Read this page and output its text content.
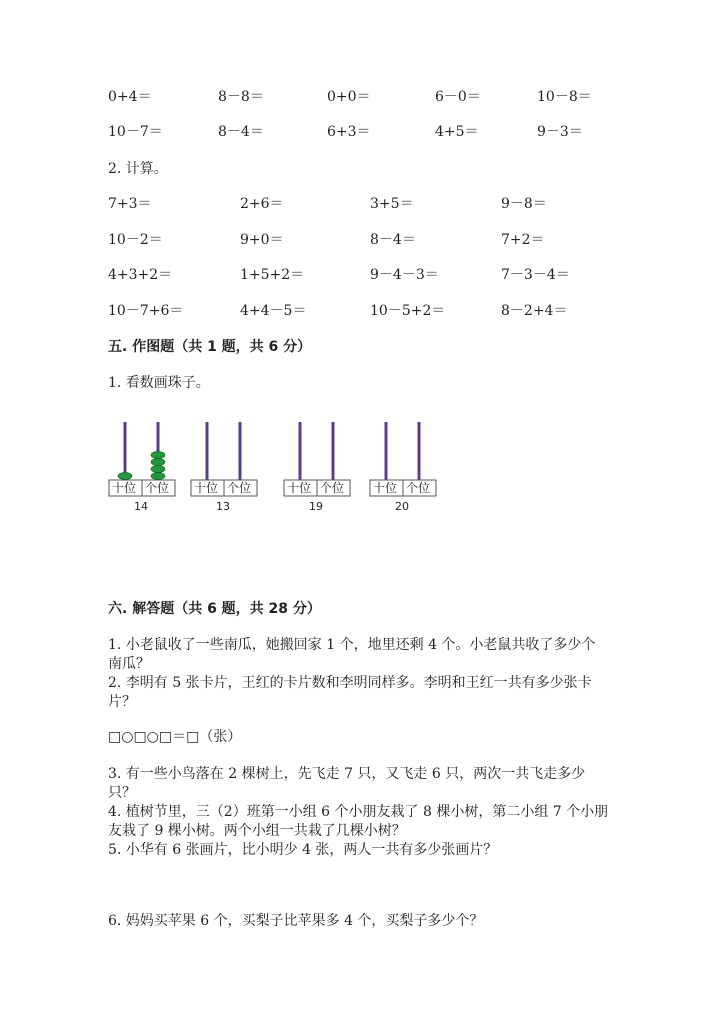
0+4＝	8－8＝	0+0＝	6－0＝	10－8＝
10－7＝	8－4＝	6+3＝	4+5＝	9－3＝
2. 计算。
7+3＝	2+6＝	3+5＝	9－8＝
10－2＝	9+0＝	8－4＝	7+2＝
4+3+2＝	1+5+2＝	9－4－3＝	7－3－4＝
10－7+6＝	4+4－5＝	10－5+2＝	8－2+4＝
五. 作图题（共 1 题，共 6 分）
1. 看数画珠子。
十位 个位
14
十位 个位
13
十位 个位
19
十位 个位
20
六. 解答题（共 6 题，共 28 分）
1. 小老鼠收了一些南瓜，她搬回家 1 个，地里还剩 4 个。小老鼠共收了多少个
南瓜？
2. 李明有 5 张卡片，王红的卡片数和李明同样多。李明和王红一共有多少张卡
片？
□○□○□＝□（张）
3. 有一些小鸟落在 2 棵树上，先飞走 7 只，又飞走 6 只，两次一共飞走多少
只？
4. 植树节里，三（2）班第一小组 6 个小朋友栽了 8 棵小树，第二小组 7 个小朋
友栽了 9 棵小树。两个小组一共栽了几棵小树？
5. 小华有 6 张画片，比小明少 4 张，两人一共有多少张画片？
6. 妈妈买苹果 6 个，买梨子比苹果多 4 个，买梨子多少个？
